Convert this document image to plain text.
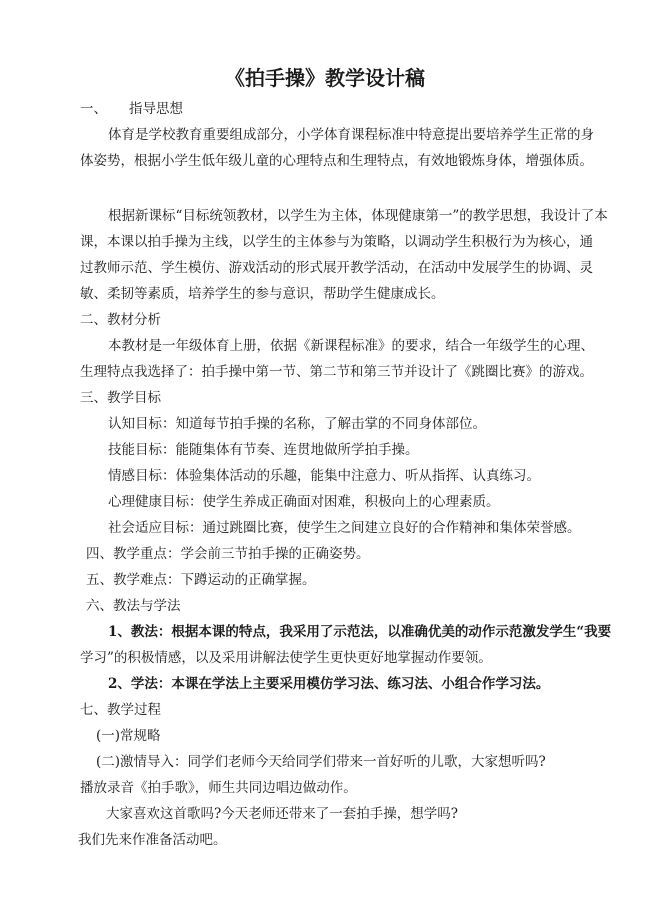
《拍手操》教学设计稿
一、 指导思想
体育是学校教育重要组成部分，小学体育课程标准中特意提出要培养学生正常的身
体姿势，根据小学生低年级儿童的心理特点和生理特点，有效地锻炼身体，增强体质。
根据新课标“目标统领教材，以学生为主体，体现健康第一”的教学思想，我设计了本
课，本课以拍手操为主线，以学生的主体参与为策略，以调动学生积极行为为核心，通
过教师示范、学生模仿、游戏活动的形式展开教学活动，在活动中发展学生的协调、灵
敏、柔韧等素质，培养学生的参与意识，帮助学生健康成长。
二、教材分析
本教材是一年级体育上册，依据《新课程标准》的要求，结合一年级学生的心理、
生理特点我选择了：拍手操中第一节、第二节和第三节并设计了《跳圈比赛》的游戏。
三、教学目标
认知目标：知道每节拍手操的名称，了解击掌的不同身体部位。
技能目标：能随集体有节奏、连贯地做所学拍手操。
情感目标：体验集体活动的乐趣，能集中注意力、听从指挥、认真练习。
心理健康目标：使学生养成正确面对困难，积极向上的心理素质。
社会适应目标：通过跳圈比赛，使学生之间建立良好的合作精神和集体荣誉感。
四、教学重点：学会前三节拍手操的正确姿势。
五、教学难点：下蹲运动的正确掌握。
六、教法与学法
1、教法：根据本课的特点，我采用了示范法，以准确优美的动作示范激发学生“我要
学习”的积极情感，以及采用讲解法使学生更快更好地掌握动作要领。
2、学法：本课在学法上主要采用模仿学习法、练习法、小组合作学习法。
七、教学过程
(一)常规略
(二)激情导入：同学们老师今天给同学们带来一首好听的儿歌，大家想听吗?
播放录音《拍手歌》，师生共同边唱边做动作。
大家喜欢这首歌吗?今天老师还带来了一套拍手操，想学吗?
我们先来作准备活动吧。
